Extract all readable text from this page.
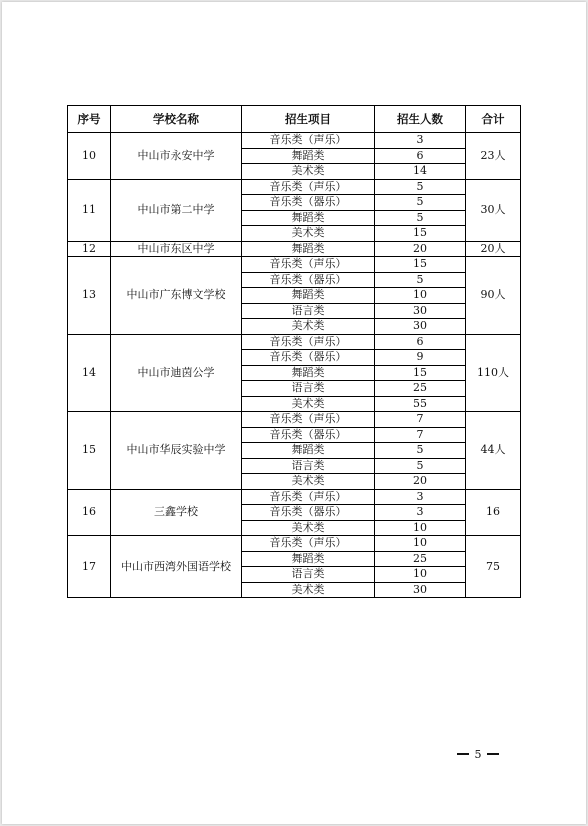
序号	学校名称	招生项目	招生人数	合计
10	中山市永安中学	音乐类（声乐）	3	23人
		舞蹈类	6	
		美术类	14	
11	中山市第二中学	音乐类（声乐）	5	30人
		音乐类（器乐）	5	
		舞蹈类	5	
		美术类	15	
12	中山市东区中学	舞蹈类	20	20人
13	中山市广东博文学校	音乐类（声乐）	15	90人
		音乐类（器乐）	5	
		舞蹈类	10	
		语言类	30	
		美术类	30	
14	中山市迪茵公学	音乐类（声乐）	6	110人
		音乐类（器乐）	9	
		舞蹈类	15	
		语言类	25	
		美术类	55	
15	中山市华辰实验中学	音乐类（声乐）	7	44人
		音乐类（器乐）	7	
		舞蹈类	5	
		语言类	5	
		美术类	20	
16	三鑫学校	音乐类（声乐）	3	16
		音乐类（器乐）	3	
		美术类	10	
17	中山市西湾外国语学校	音乐类（声乐）	10	75
		舞蹈类	25	
		语言类	10	
		美术类	30	
5
